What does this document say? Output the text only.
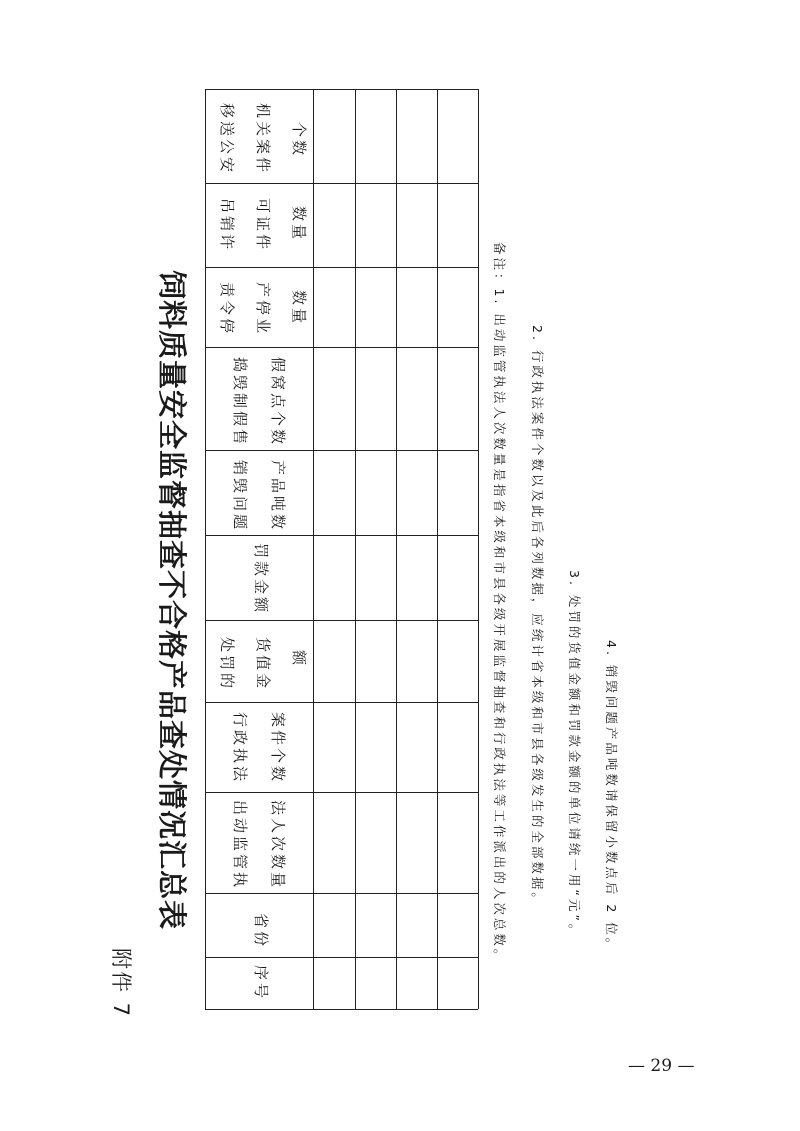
附件 7
饲料质量安全监督抽查不合格产品查处情况汇总表
序号
省份
出动监管执 法人次数量
行政执法 案件个数
处罚的 货值金 额
罚款金额
销毁问题 产品吨数
捣毁制假售 假窝点个数
责令停 产停业 数量
吊销许 可证件 数量
移送公安 机关案件 个数
备注：1. 出动监管执法人次数量是指省本级和市县各级开展监督抽查和行政执法等工作派出的人次总数。 2. 行政执法案件个数以及此后各列数据，应统计省本级和市县各级发生的全部数据。 3. 处罚的货值金额和罚款金额的单位请统一用“元”。 4. 销毁问题产品吨数请保留小数点后 2 位。
— 29 —
